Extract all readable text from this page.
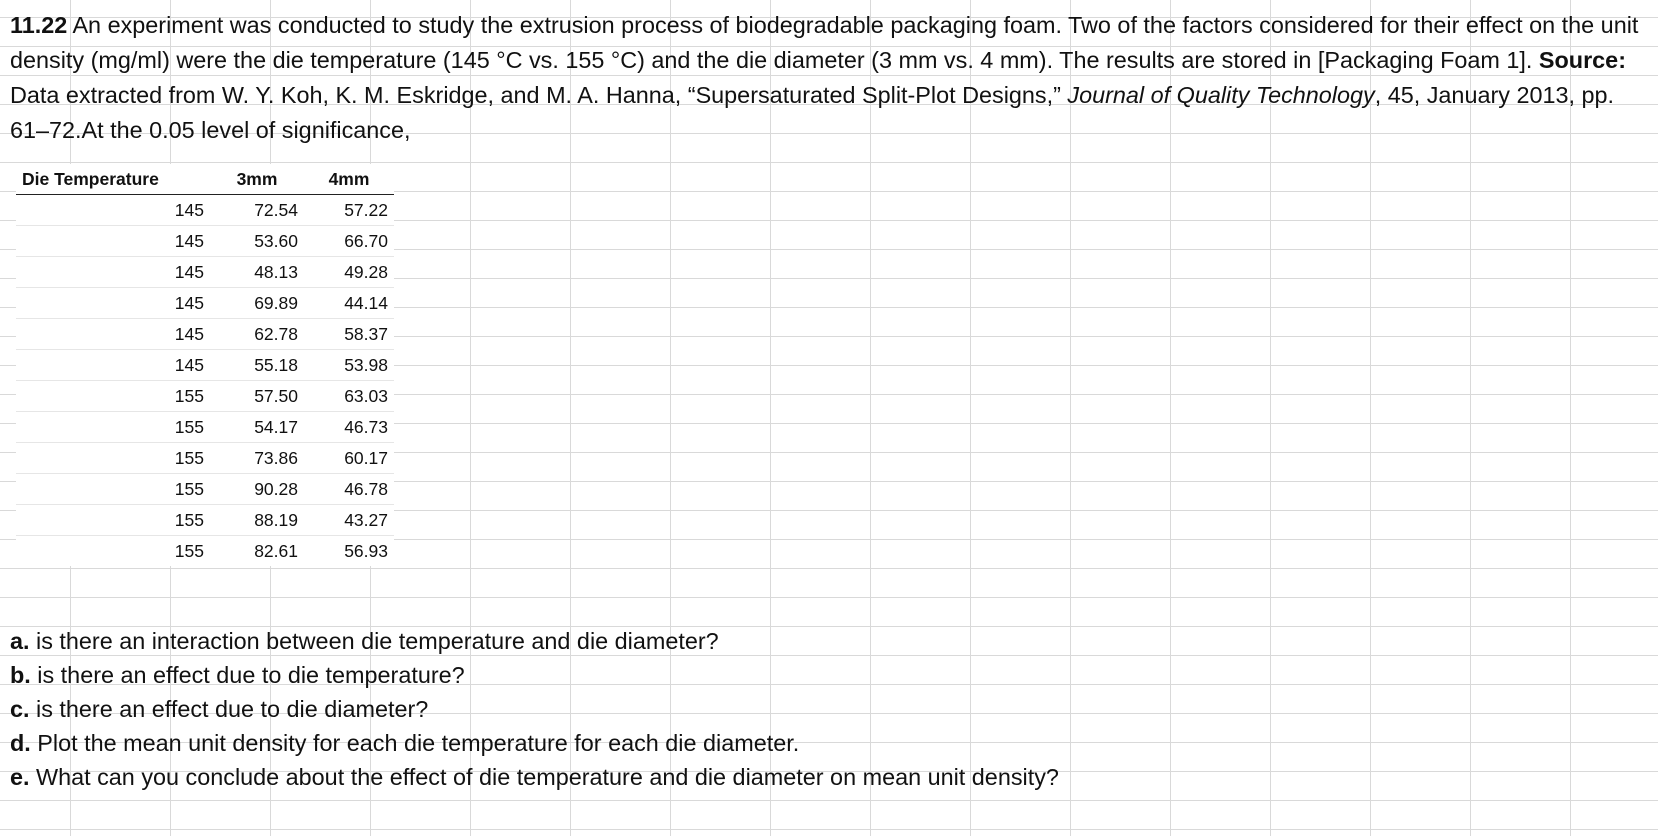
11.22 An experiment was conducted to study the extrusion process of biodegradable packaging foam. Two of the factors considered for their effect on the unit density (mg/ml) were the die temperature (145 °C vs. 155 °C) and the die diameter (3 mm vs. 4 mm). The results are stored in [Packaging Foam 1]. Source: Data extracted from W. Y. Koh, K. M. Eskridge, and M. A. Hanna, “Supersaturated Split-Plot Designs,” Journal of Quality Technology, 45, January 2013, pp. 61–72.At the 0.05 level of significance,

Die Temperature	3mm	4mm
145	72.54	57.22
145	53.60	66.70
145	48.13	49.28
145	69.89	44.14
145	62.78	58.37
145	55.18	53.98
155	57.50	63.03
155	54.17	46.73
155	73.86	60.17
155	90.28	46.78
155	88.19	43.27
155	82.61	56.93
a. is there an interaction between die temperature and die diameter?
b. is there an effect due to die temperature?
c. is there an effect due to die diameter?
d. Plot the mean unit density for each die temperature for each die diameter.
e. What can you conclude about the effect of die temperature and die diameter on mean unit density?
